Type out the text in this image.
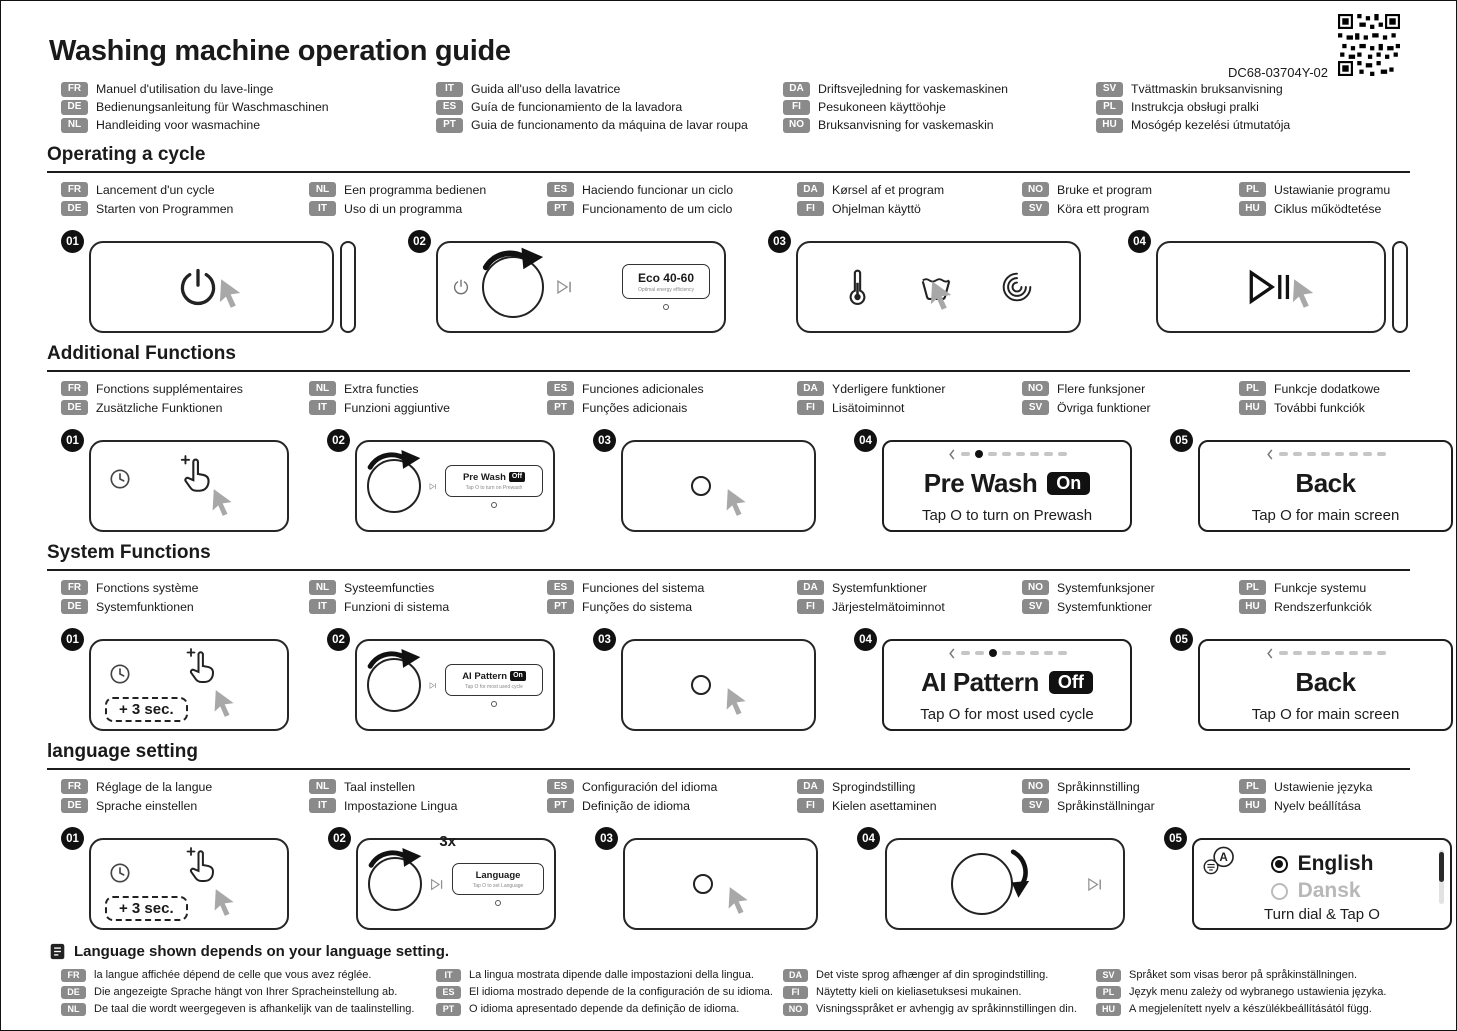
Washing machine operation guide
DC68-03704Y-02
FR	Manuel d'utilisation du lave-linge
DE	Bedienungsanleitung für Waschmaschinen
NL	Handleiding voor wasmachine
IT	Guida all'uso della lavatrice
ES	Guía de funcionamiento de la lavadora
PT	Guia de funcionamento da máquina de lavar roupa
DA	Driftsvejledning for vaskemaskinen
FI	Pesukoneen käyttöohje
NO	Bruksanvisning for vaskemaskin
SV	Tvättmaskin bruksanvisning
PL	Instrukcja obsługi pralki
HU	Mosógép kezelési útmutatója
Operating a cycle
FR	Lancement d'un cycle
DE	Starten von Programmen
NL	Een programma bedienen
IT	Uso di un programma
ES	Haciendo funcionar un ciclo
PT	Funcionamento de um ciclo
DA	Kørsel af et program
FI	Ohjelman käyttö
NO	Bruke et program
SV	Köra ett program
PL	Ustawianie programu
HU	Ciklus működtetése
01	02
Eco 40-60
Optimal energy efficiency
03	04
Additional Functions
FR	Fonctions supplémentaires
DE	Zusätzliche Funktionen
NL	Extra functies
IT	Funzioni aggiuntive
ES	Funciones adicionales
PT	Funções adicionais
DA	Yderligere funktioner
FI	Lisätoiminnot
NO	Flere funksjoner
SV	Övriga funktioner
PL	Funkcje dodatkowe
HU	További funkciók
01	02
Pre Wash Off
Tap O to turn on Prewash
03	04
Pre Wash	On
Tap O to turn on Prewash
05
Back
Tap O for main screen
System Functions
FR	Fonctions système
DE	Systemfunktionen
NL	Systeemfuncties
IT	Funzioni di sistema
ES	Funciones del sistema
PT	Funções do sistema
DA	Systemfunktioner
FI	Järjestelmätoiminnot
NO	Systemfunksjoner
SV	Systemfunktioner
PL	Funkcje systemu
HU	Rendszerfunkciók
01
+ 3 sec.
02
AI Pattern On
Tap O for most used cycle
03	04
AI Pattern	Off
Tap O for most used cycle
05
Back
Tap O for main screen
language setting
FR	Réglage de la langue
DE	Sprache einstellen
NL	Taal instellen
IT	Impostazione Lingua
ES	Configuración del idioma
PT	Definição de idioma
DA	Sprogindstilling
FI	Kielen asettaminen
NO	Språkinnstilling
SV	Språkinställningar
PL	Ustawienie języka
HU	Nyelv beállítása
01
+ 3 sec.
02	3x
Language
Tap O to set Language
03	04	05
English
Dansk
Turn dial & Tap O
Language shown depends on your language setting.
FR	la langue affichée dépend de celle que vous avez réglée.
DE	Die angezeigte Sprache hängt von Ihrer Spracheinstellung ab.
NL	De taal die wordt weergegeven is afhankelijk van de taalinstelling.
IT	La lingua mostrata dipende dalle impostazioni della lingua.
ES	El idioma mostrado depende de la configuración de su idioma.
PT	O idioma apresentado depende da definição de idioma.
DA	Det viste sprog afhænger af din sprogindstilling.
FI	Näytetty kieli on kieliasetuksesi mukainen.
NO	Visningsspråket er avhengig av språkinnstillingen din.
SV	Språket som visas beror på språkinställningen.
PL	Język menu zależy od wybranego ustawienia języka.
HU	A megjelenített nyelv a készülékbeállításától függ.
